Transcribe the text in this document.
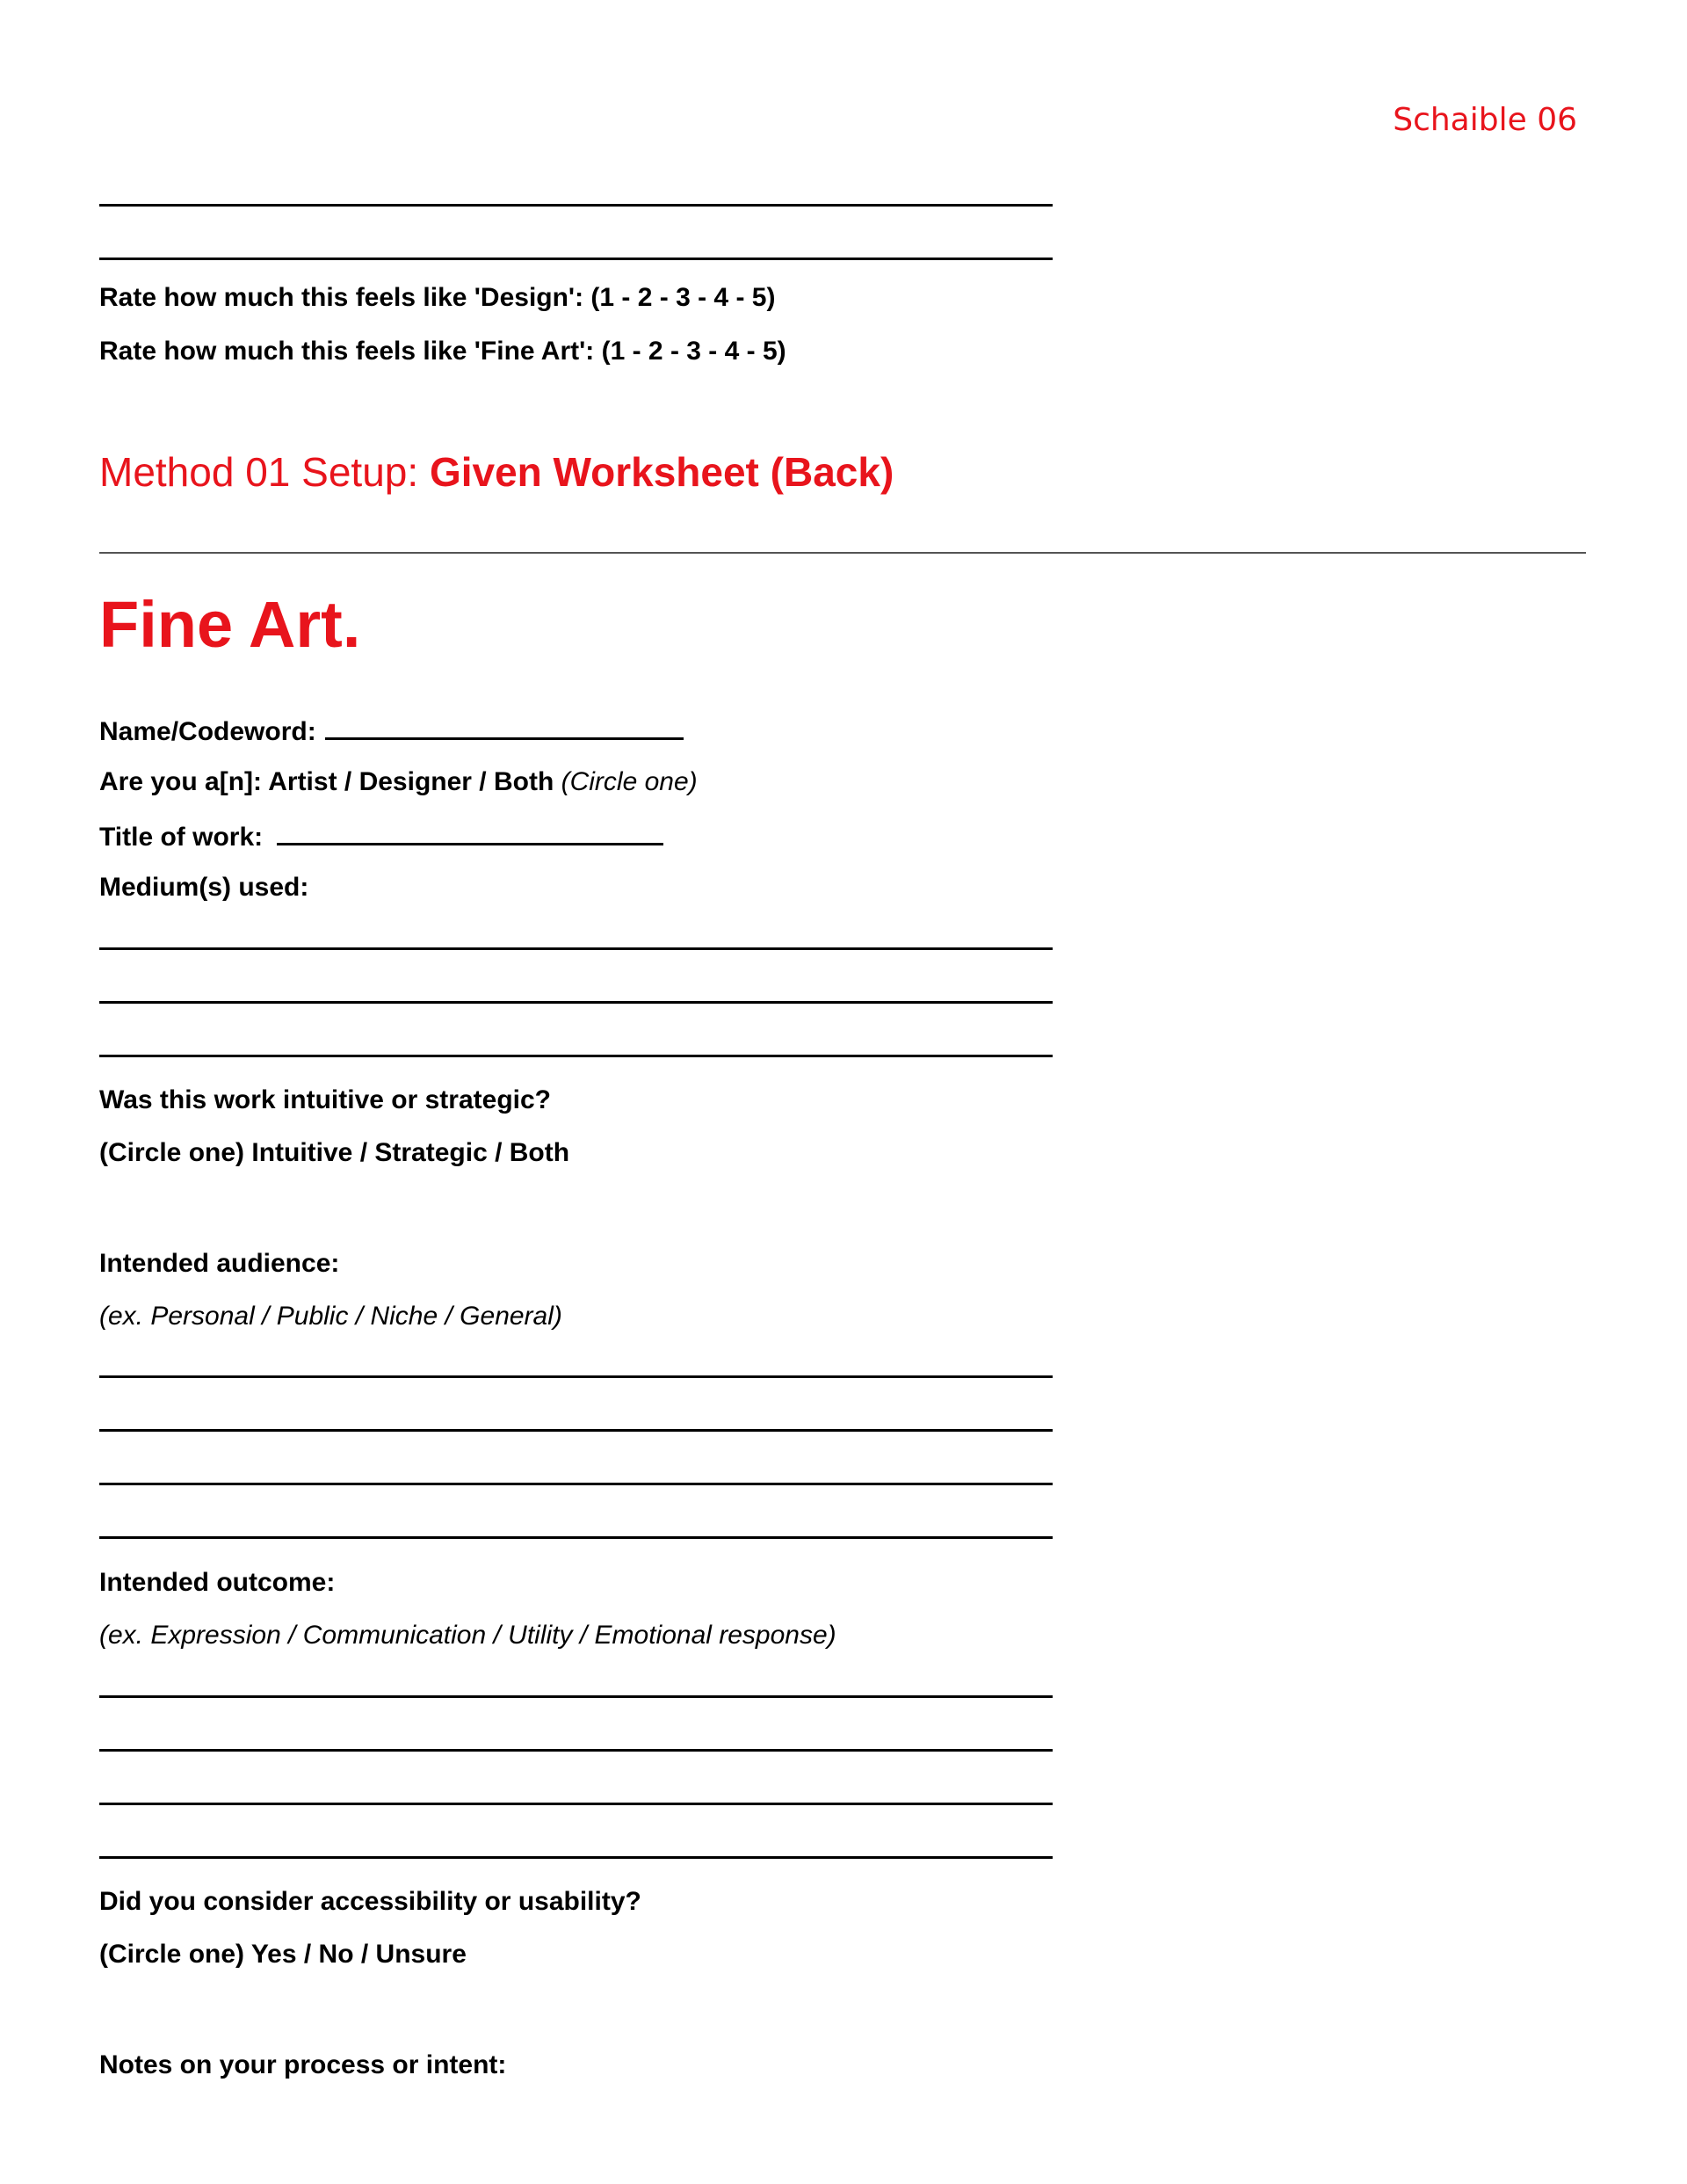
Schaible 06
Rate how much this feels like 'Design': (1 - 2 - 3 - 4 - 5)
Rate how much this feels like 'Fine Art': (1 - 2 - 3 - 4 - 5)
Method 01 Setup: Given Worksheet (Back)
Fine Art.
Name/Codeword:
Are you a[n]: Artist / Designer / Both (Circle one)
Title of work:
Medium(s) used:
Was this work intuitive or strategic?
(Circle one) Intuitive / Strategic / Both
Intended audience:
(ex. Personal / Public / Niche / General)
Intended outcome:
(ex. Expression / Communication / Utility / Emotional response)
Did you consider accessibility or usability?
(Circle one) Yes / No / Unsure
Notes on your process or intent:
